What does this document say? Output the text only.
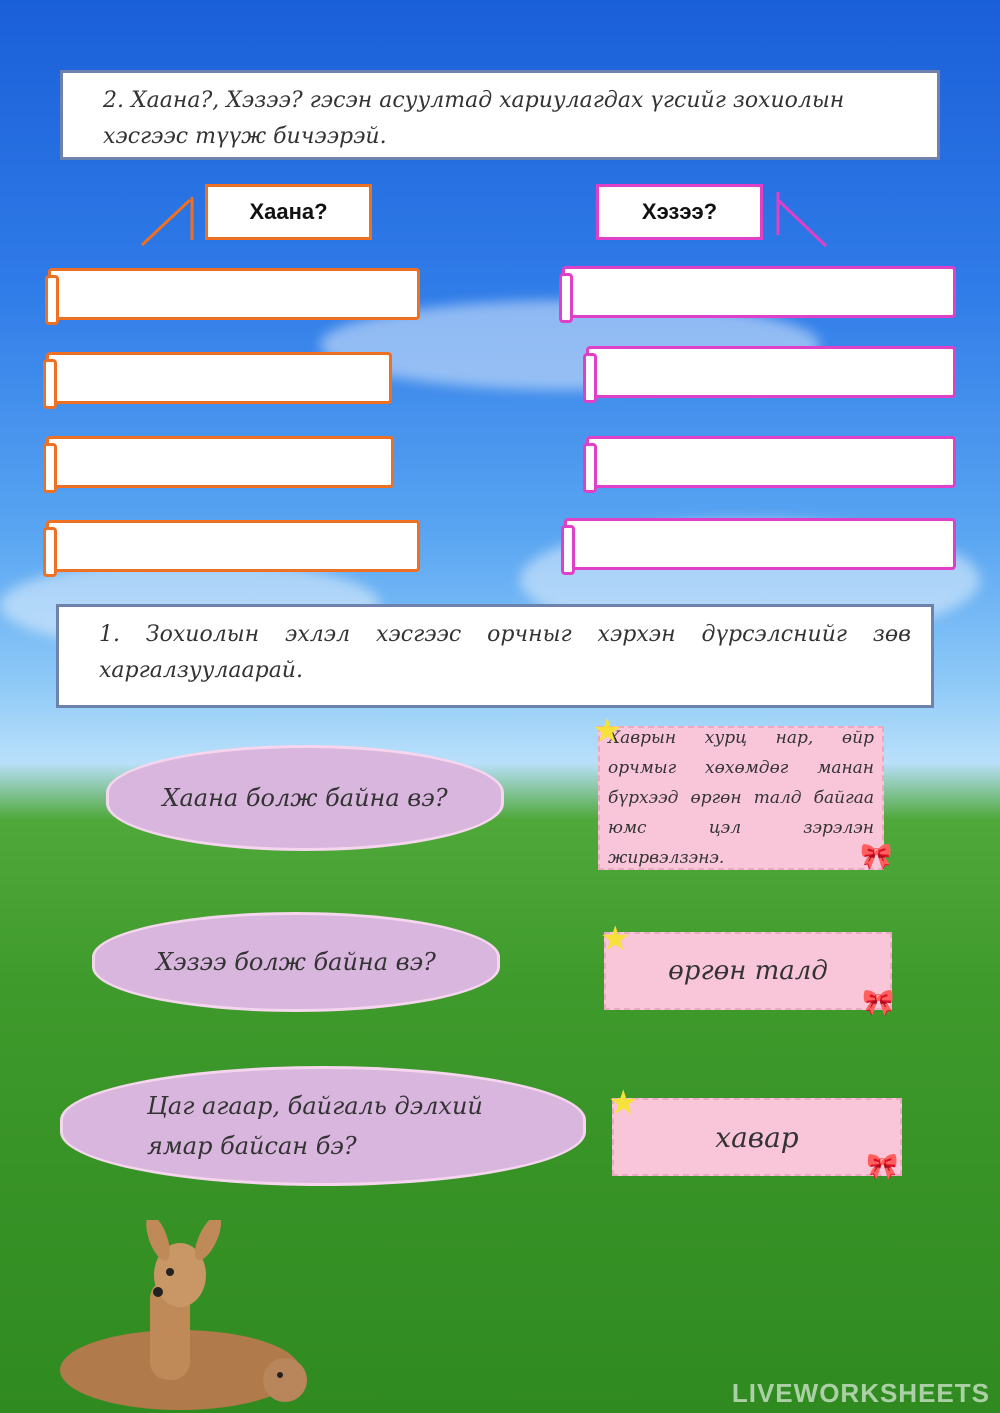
2. Хаана?, Хэзээ? гэсэн асуултад хариулагдах үгсийг зохиолын хэсгээс түүж бичээрэй.
Хаана?	Хэзээ?
1. Зохиолын эхлэл хэсгээс орчныг хэрхэн дүрсэлснийг зөв харгалзуулаарай.
Хаана болж байна вэ?
Хэзээ болж байна вэ?
Цаг агаар, байгаль дэлхий ямар байсан бэ?
Хаврын хурц нар, өйр орчмыг хөхөмдөг манан бүрхээд өргөн талд байгаа юмс цэл зэрэлэн жирвэлзэнэ.
★
🎀
өргөн талд
★
🎀
хавар
★
🎀
LIVEWORKSHEETS
